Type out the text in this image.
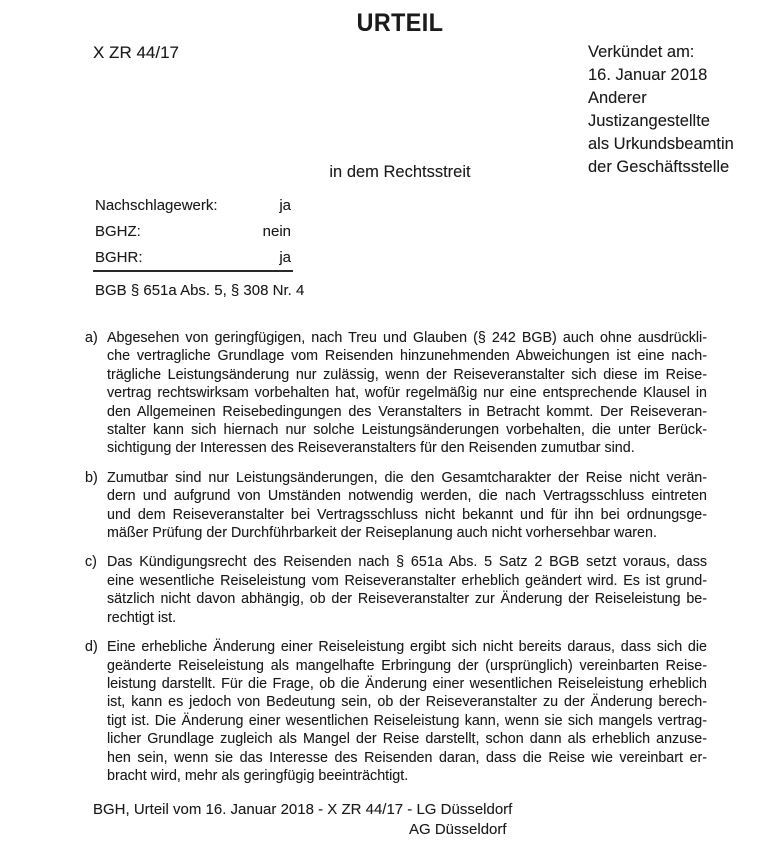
URTEIL
X ZR 44/17	Verkündet am:
16. Januar 2018
Anderer
Justizangestellte
als Urkundsbeamtin
der Geschäftsstelle
in dem Rechtsstreit
Nachschlagewerk:	ja
BGHZ:	nein
BGHR:	ja
BGB § 651a Abs. 5, § 308 Nr. 4
a) Abgesehen von geringfügigen, nach Treu und Glauben (§ 242 BGB) auch ohne ausdrückli-
che vertragliche Grundlage vom Reisenden hinzunehmenden Abweichungen ist eine nach-
trägliche Leistungsänderung nur zulässig, wenn der Reiseveranstalter sich diese im Reise-
vertrag rechtswirksam vorbehalten hat, wofür regelmäßig nur eine entsprechende Klausel in
den Allgemeinen Reisebedingungen des Veranstalters in Betracht kommt. Der Reiseveran-
stalter kann sich hiernach nur solche Leistungsänderungen vorbehalten, die unter Berück-
sichtigung der Interessen des Reiseveranstalters für den Reisenden zumutbar sind.
b) Zumutbar sind nur Leistungsänderungen, die den Gesamtcharakter der Reise nicht verän-
dern und aufgrund von Umständen notwendig werden, die nach Vertragsschluss eintreten
und dem Reiseveranstalter bei Vertragsschluss nicht bekannt und für ihn bei ordnungsge-
mäßer Prüfung der Durchführbarkeit der Reiseplanung auch nicht vorhersehbar waren.
c) Das Kündigungsrecht des Reisenden nach § 651a Abs. 5 Satz 2 BGB setzt voraus, dass
eine wesentliche Reiseleistung vom Reiseveranstalter erheblich geändert wird. Es ist grund-
sätzlich nicht davon abhängig, ob der Reiseveranstalter zur Änderung der Reiseleistung be-
rechtigt ist.
d) Eine erhebliche Änderung einer Reiseleistung ergibt sich nicht bereits daraus, dass sich die
geänderte Reiseleistung als mangelhafte Erbringung der (ursprünglich) vereinbarten Reise-
leistung darstellt. Für die Frage, ob die Änderung einer wesentlichen Reiseleistung erheblich
ist, kann es jedoch von Bedeutung sein, ob der Reiseveranstalter zu der Änderung berech-
tigt ist. Die Änderung einer wesentlichen Reiseleistung kann, wenn sie sich mangels vertrag-
licher Grundlage zugleich als Mangel der Reise darstellt, schon dann als erheblich anzuse-
hen sein, wenn sie das Interesse des Reisenden daran, dass die Reise wie vereinbart er-
bracht wird, mehr als geringfügig beeinträchtigt.
BGH, Urteil vom 16. Januar 2018 - X ZR 44/17 - LG Düsseldorf
AG Düsseldorf
